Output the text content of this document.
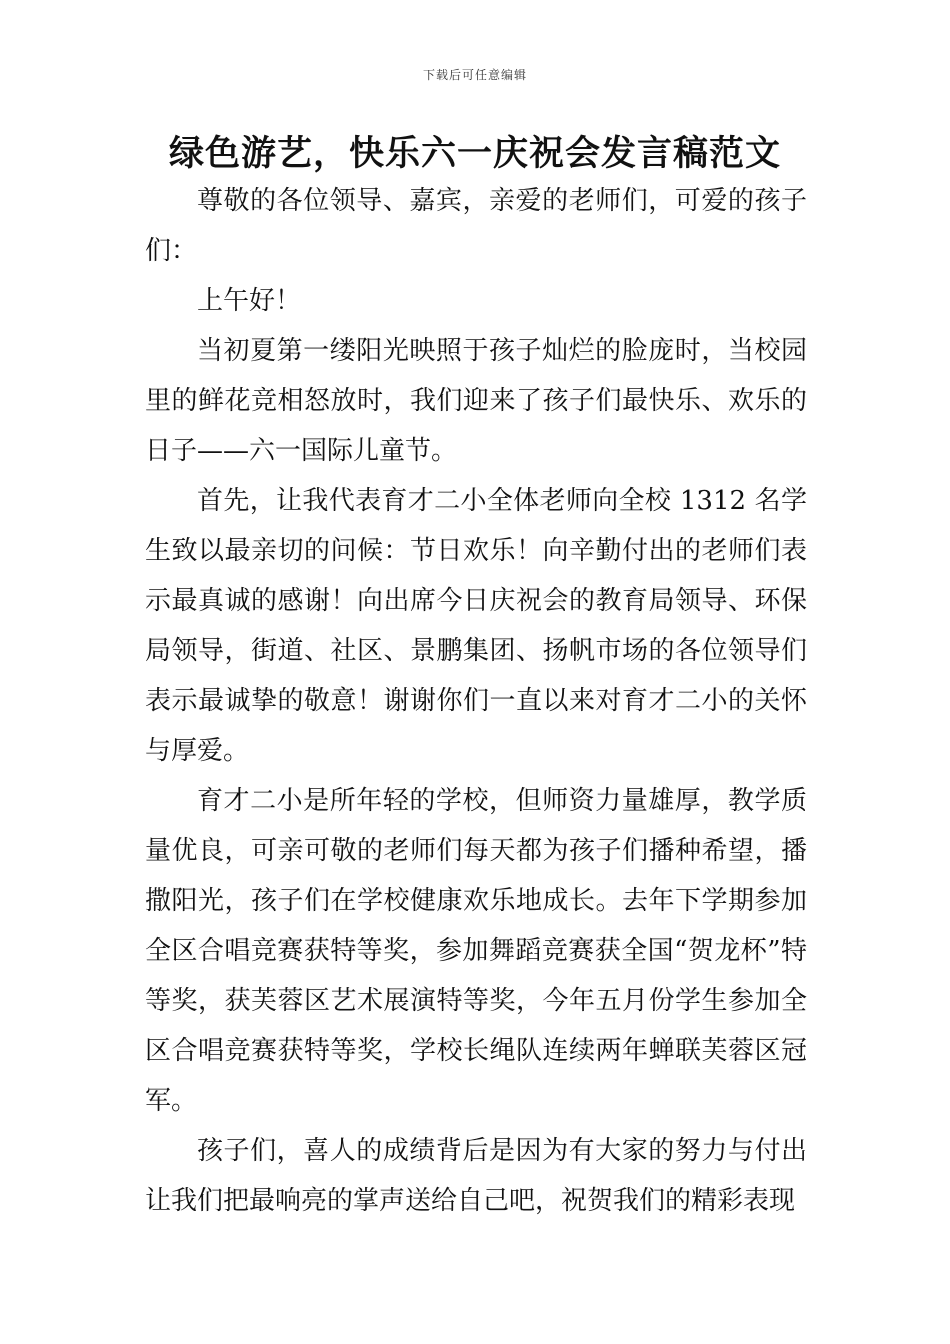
下载后可任意编辑
绿色游艺，快乐六一庆祝会发言稿范文

尊敬的各位领导、嘉宾，亲爱的老师们，可爱的孩子们：

上午好！

当初夏第一缕阳光映照于孩子灿烂的脸庞时，当校园里的鲜花竞相怒放时，我们迎来了孩子们最快乐、欢乐的日子——六一国际儿童节。

首先，让我代表育才二小全体老师向全校 1312 名学生致以最亲切的问候：节日欢乐！向辛勤付出的老师们表示最真诚的感谢！向出席今日庆祝会的教育局领导、环保局领导，街道、社区、景鹏集团、扬帆市场的各位领导们表示最诚挚的敬意！谢谢你们一直以来对育才二小的关怀与厚爱。

育才二小是所年轻的学校，但师资力量雄厚，教学质量优良，可亲可敬的老师们每天都为孩子们播种希望，播撒阳光，孩子们在学校健康欢乐地成长。去年下学期参加全区合唱竞赛获特等奖，参加舞蹈竞赛获全国“贺龙杯”特等奖，获芙蓉区艺术展演特等奖，今年五月份学生参加全区合唱竞赛获特等奖，学校长绳队连续两年蝉联芙蓉区冠军。

孩子们，喜人的成绩背后是因为有大家的努力与付出让我们把最响亮的掌声送给自己吧，祝贺我们的精彩表现
